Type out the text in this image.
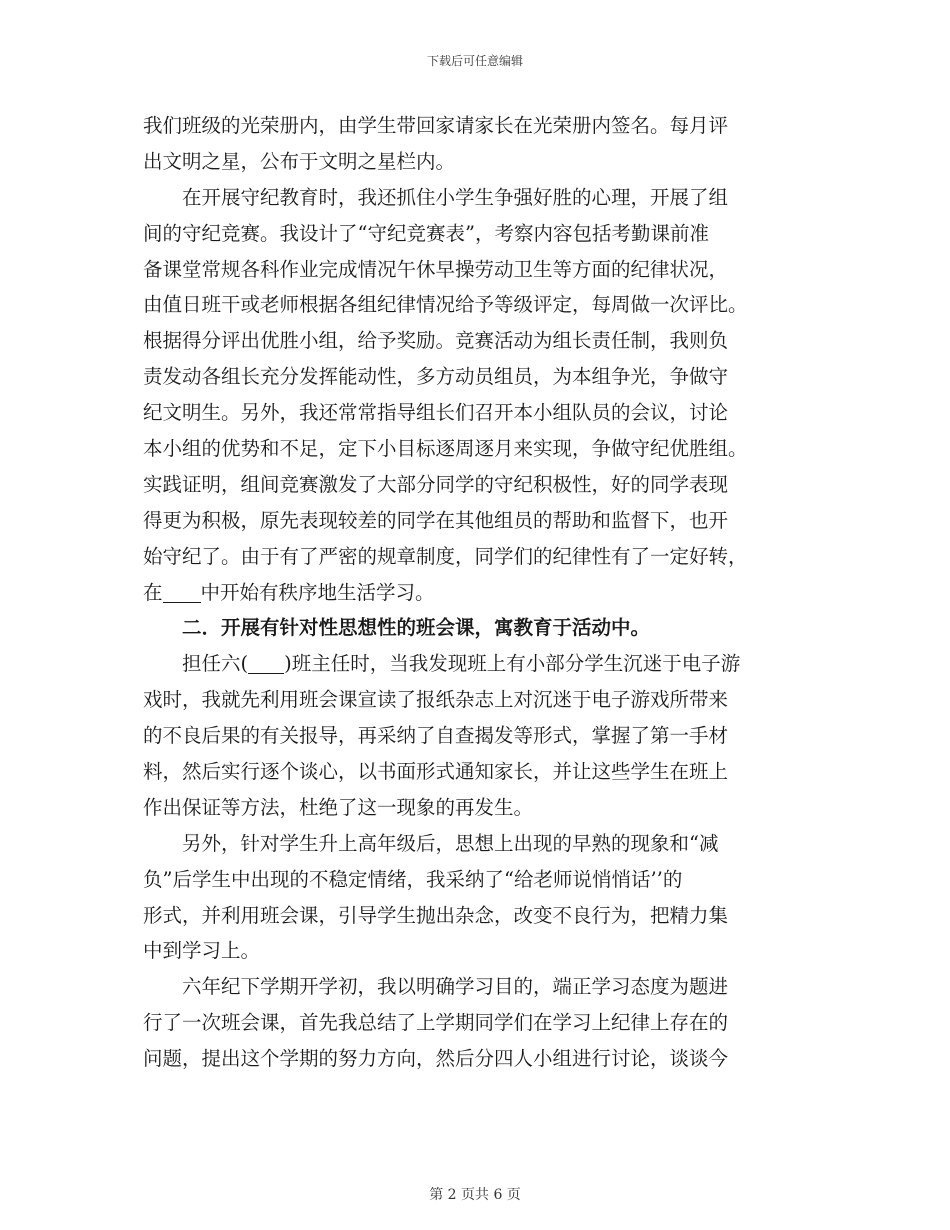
下载后可任意编辑
我们班级的光荣册内，由学生带回家请家长在光荣册内签名。每月评
出文明之星，公布于文明之星栏内。
　　在开展守纪教育时，我还抓住小学生争强好胜的心理，开展了组
间的守纪竞赛。我设计了“守纪竞赛表”，考察内容包括考勤课前准
备课堂常规各科作业完成情况午休早操劳动卫生等方面的纪律状况，
由值日班干或老师根据各组纪律情况给予等级评定，每周做一次评比。
根据得分评出优胜小组，给予奖励。竞赛活动为组长责任制，我则负
责发动各组长充分发挥能动性，多方动员组员，为本组争光，争做守
纪文明生。另外，我还常常指导组长们召开本小组队员的会议，讨论
本小组的优势和不足，定下小目标逐周逐月来实现，争做守纪优胜组。
实践证明，组间竞赛激发了大部分同学的守纪积极性，好的同学表现
得更为积极，原先表现较差的同学在其他组员的帮助和监督下，也开
始守纪了。由于有了严密的规章制度，同学们的纪律性有了一定好转，
在 中开始有秩序地生活学习。
　　二．开展有针对性思想性的班会课，寓教育于活动中。
　　担任六( )班主任时，当我发现班上有小部分学生沉迷于电子游
戏时，我就先利用班会课宣读了报纸杂志上对沉迷于电子游戏所带来
的不良后果的有关报导，再采纳了自查揭发等形式，掌握了第一手材
料，然后实行逐个谈心，以书面形式通知家长，并让这些学生在班上
作出保证等方法，杜绝了这一现象的再发生。
　　另外，针对学生升上高年级后，思想上出现的早熟的现象和“减
负”后学生中出现的不稳定情绪，我采纳了“给老师说悄悄话’’的
形式，并利用班会课，引导学生抛出杂念，改变不良行为，把精力集
中到学习上。
　　六年纪下学期开学初，我以明确学习目的，端正学习态度为题进
行了一次班会课，首先我总结了上学期同学们在学习上纪律上存在的
问题，提出这个学期的努力方向，然后分四人小组进行讨论，谈谈今
第 2 页共 6 页
